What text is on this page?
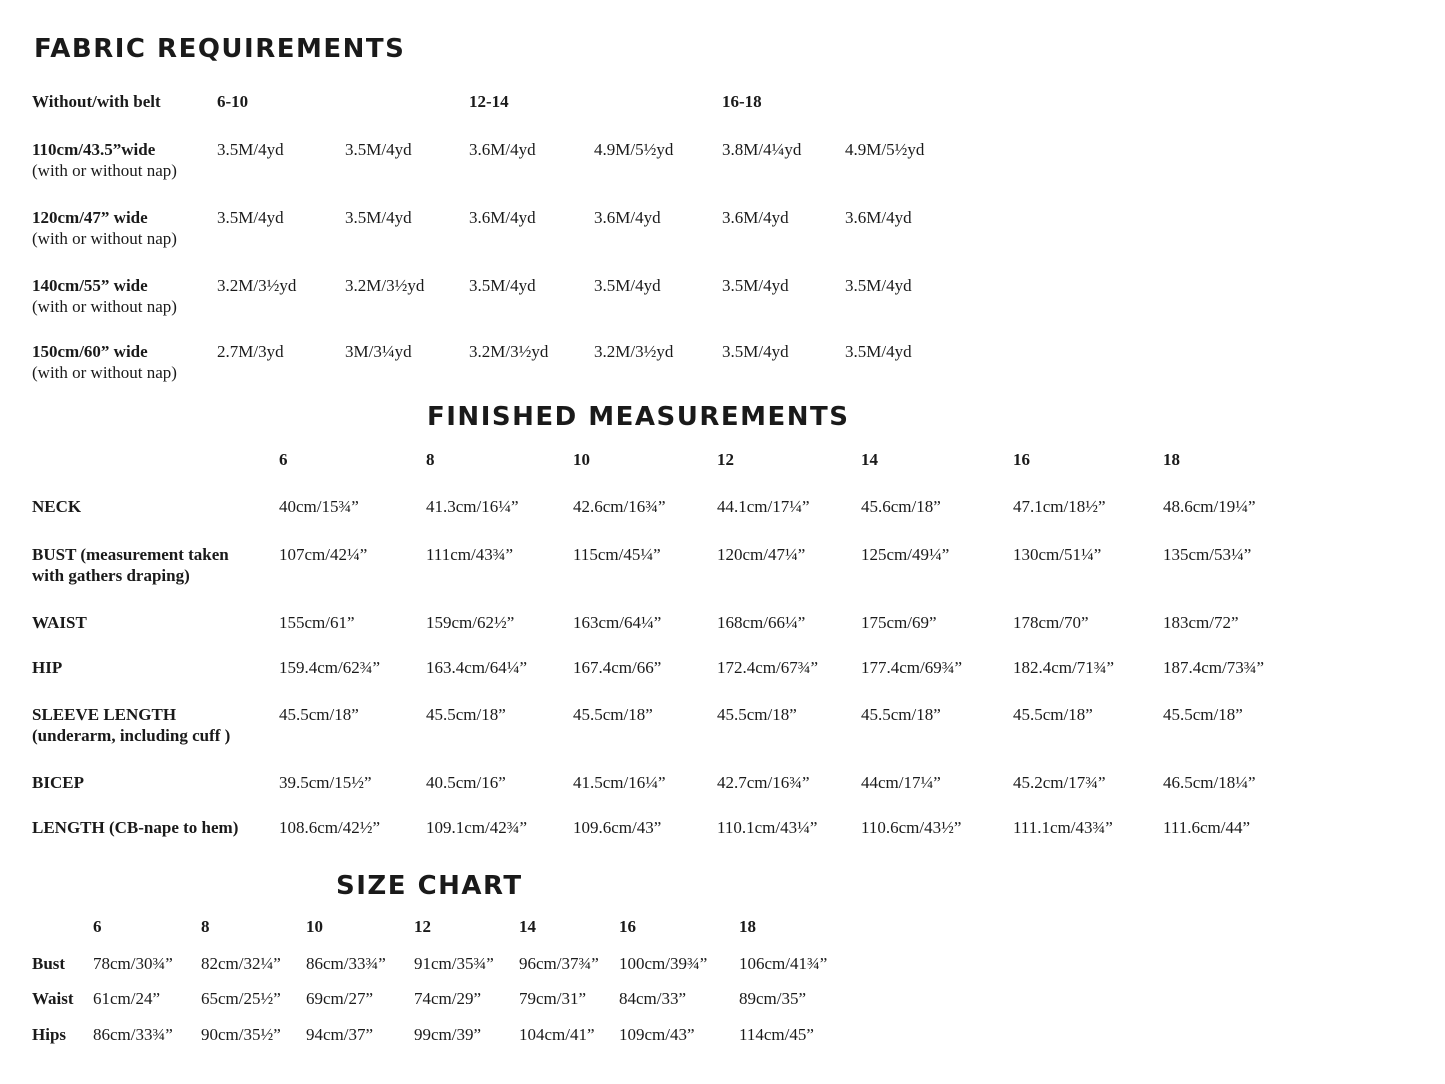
FABRIC REQUIREMENTS
Without/with belt	6-10	12-14	16-18
110cm/43.5”wide
(with or without nap)
3.5M/4yd	3.5M/4yd	3.6M/4yd	4.9M/5½yd	3.8M/4¼yd	4.9M/5½yd
120cm/47” wide
(with or without nap)
3.5M/4yd	3.5M/4yd	3.6M/4yd	3.6M/4yd	3.6M/4yd	3.6M/4yd
140cm/55” wide
(with or without nap)
3.2M/3½yd	3.2M/3½yd	3.5M/4yd	3.5M/4yd	3.5M/4yd	3.5M/4yd
150cm/60” wide
(with or without nap)
2.7M/3yd	3M/3¼yd	3.2M/3½yd	3.2M/3½yd	3.5M/4yd	3.5M/4yd
FINISHED MEASUREMENTS
6	8	10	12	14	16	18
NECK	40cm/15¾”	41.3cm/16¼”	42.6cm/16¾”	44.1cm/17¼”	45.6cm/18”	47.1cm/18½”	48.6cm/19¼”
BUST (measurement taken
with gathers draping)
107cm/42¼”	111cm/43¾”	115cm/45¼”	120cm/47¼”	125cm/49¼”	130cm/51¼”	135cm/53¼”
WAIST	155cm/61”	159cm/62½”	163cm/64¼”	168cm/66¼”	175cm/69”	178cm/70”	183cm/72”
HIP	159.4cm/62¾”	163.4cm/64¼”	167.4cm/66”	172.4cm/67¾”	177.4cm/69¾”	182.4cm/71¾”	187.4cm/73¾”
SLEEVE LENGTH
(underarm, including cuff )
45.5cm/18”	45.5cm/18”	45.5cm/18”	45.5cm/18”	45.5cm/18”	45.5cm/18”	45.5cm/18”
BICEP	39.5cm/15½”	40.5cm/16”	41.5cm/16¼”	42.7cm/16¾”	44cm/17¼”	45.2cm/17¾”	46.5cm/18¼”
LENGTH (CB-nape to hem) 108.6cm/42½”	109.1cm/42¾”	109.6cm/43”	110.1cm/43¼”	110.6cm/43½”	111.1cm/43¾”	111.6cm/44”
SIZE CHART
6	8	10	12	14	16	18
Bust 78cm/30¾” 82cm/32¼” 86cm/33¾” 91cm/35¾” 96cm/37¾” 100cm/39¾” 106cm/41¾”
Waist 61cm/24” 65cm/25½” 69cm/27” 74cm/29” 79cm/31” 84cm/33”	89cm/35”
Hips 86cm/33¾” 90cm/35½” 94cm/37” 99cm/39” 104cm/41” 109cm/43”	114cm/45”
